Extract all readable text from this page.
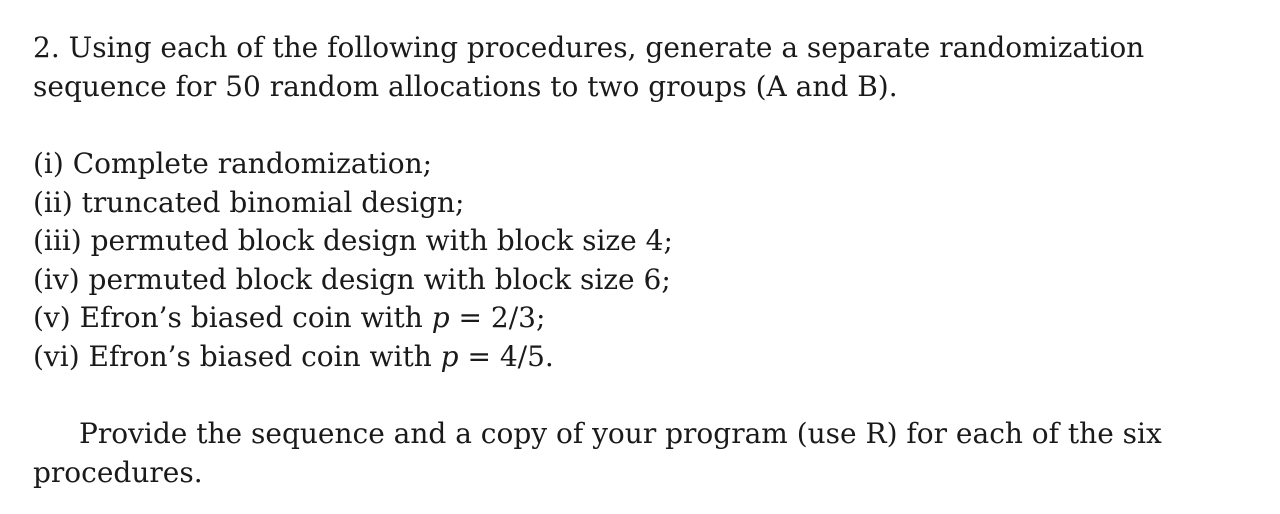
2. Using each of the following procedures, generate a separate randomization sequence for 50 random allocations to two groups (A and B).

(i) Complete randomization;
(ii) truncated binomial design;
(iii) permuted block design with block size 4;
(iv) permuted block design with block size 6;
(v) Efron’s biased coin with p = 2/3;
(vi) Efron’s biased coin with p = 4/5.

Provide the sequence and a copy of your program (use R) for each of the six procedures.
